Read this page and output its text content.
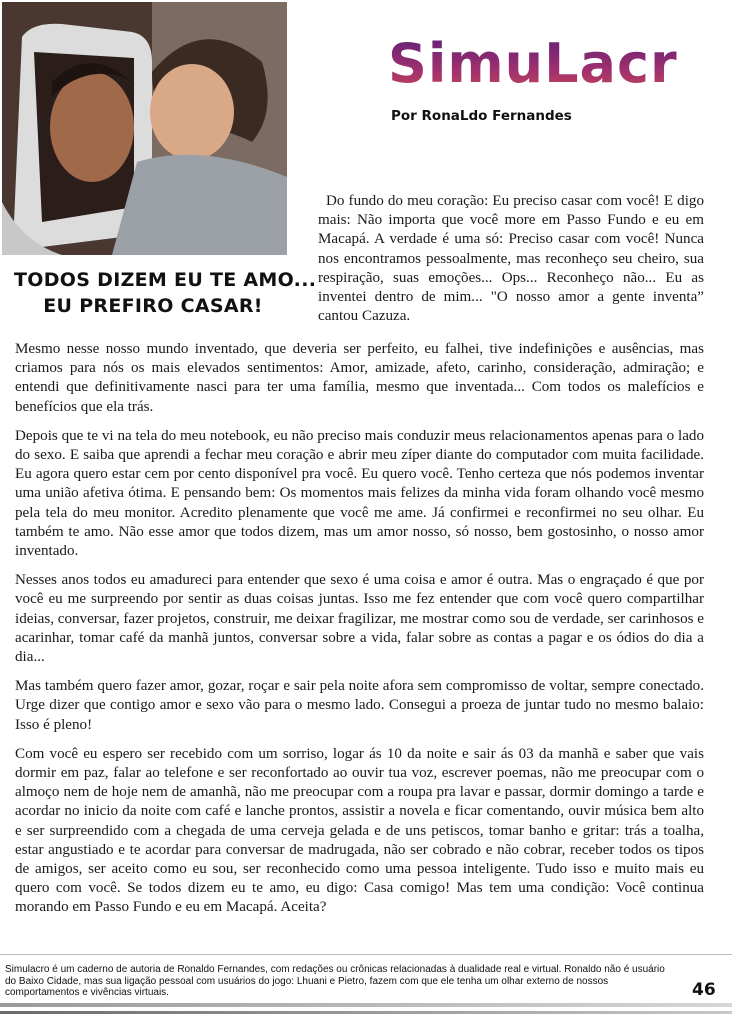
SimuLacro
Por RonaLdo Fernandes
TODOS DIZEM EU TE AMO...
EU PREFIRO CASAR!

Do fundo do meu coração: Eu preciso casar com você! E digo mais: Não importa que você more em Passo Fundo e eu em Macapá. A verdade é uma só: Preciso casar com você! Nunca nos encontramos pessoalmente, mas reconheço seu cheiro, sua respiração, suas emoções... Ops... Reconheço não... Eu as inventei dentro de mim... "O nosso amor a gente inventa” cantou Cazuza.

Mesmo nesse nosso mundo inventado, que deveria ser perfeito, eu falhei, tive indefinições e ausências, mas criamos para nós os mais elevados sentimentos: Amor, amizade, afeto, carinho, consideração, admiração; e entendi que definitivamente nasci para ter uma família, mesmo que inventada... Com todos os malefícios e benefícios que ela trás.

Depois que te vi na tela do meu notebook, eu não preciso mais conduzir meus relacionamentos apenas para o lado do sexo. E saiba que aprendi a fechar meu coração e abrir meu zíper diante do computador com muita facilidade. Eu agora quero estar cem por cento disponível pra você. Eu quero você. Tenho certeza que nós podemos inventar uma união afetiva ótima. E pensando bem: Os momentos mais felizes da minha vida foram olhando você mesmo pela tela do meu monitor. Acredito plenamente que você me ame. Já confirmei e reconfirmei no seu olhar. Eu também te amo. Não esse amor que todos dizem, mas um amor nosso, só nosso, bem gostosinho, o nosso amor inventado.

Nesses anos todos eu amadureci para entender que sexo é uma coisa e amor é outra. Mas o engraçado é que por você eu me surpreendo por sentir as duas coisas juntas. Isso me fez entender que com você quero compartilhar ideias, conversar, fazer projetos, construir, me deixar fragilizar, me mostrar como sou de verdade, ser carinhosos e acarinhar, tomar café da manhã juntos, conversar sobre a vida, falar sobre as contas a pagar e os ódios do dia a dia...

Mas também quero fazer amor, gozar, roçar e sair pela noite afora sem compromisso de voltar, sempre conectado. Urge dizer que contigo amor e sexo vão para o mesmo lado. Consegui a proeza de juntar tudo no mesmo balaio: Isso é pleno!

Com você eu espero ser recebido com um sorriso, logar ás 10 da noite e sair ás 03 da manhã e saber que vais dormir em paz, falar ao telefone e ser reconfortado ao ouvir tua voz, escrever poemas, não me preocupar com o almoço nem de hoje nem de amanhã, não me preocupar com a roupa pra lavar e passar, dormir domingo a tarde e acordar no inicio da noite com café e lanche prontos, assistir a novela e ficar comentando, ouvir música bem alto e ser surpreendido com a chegada de uma cerveja gelada e de uns petiscos, tomar banho e gritar: trás a toalha, estar angustiado e te acordar para conversar de madrugada, não ser cobrado e não cobrar, receber todos os tipos de amigos, ser aceito como eu sou, ser reconhecido como uma pessoa inteligente. Tudo isso e muito mais eu quero com você. Se todos dizem eu te amo, eu digo: Casa comigo! Mas tem uma condição: Você continua morando em Passo Fundo e eu em Macapá. Aceita?

Simulacro é um caderno de autoria de Ronaldo Fernandes, com redações ou crônicas relacionadas à dualidade real e virtual. Ronaldo não é usuário do Baixo Cidade, mas sua ligação pessoal com usuários do jogo: Lhuani e Pietro, fazem com que ele tenha um olhar externo de nossos comportamentos e vivências virtuais.	46
